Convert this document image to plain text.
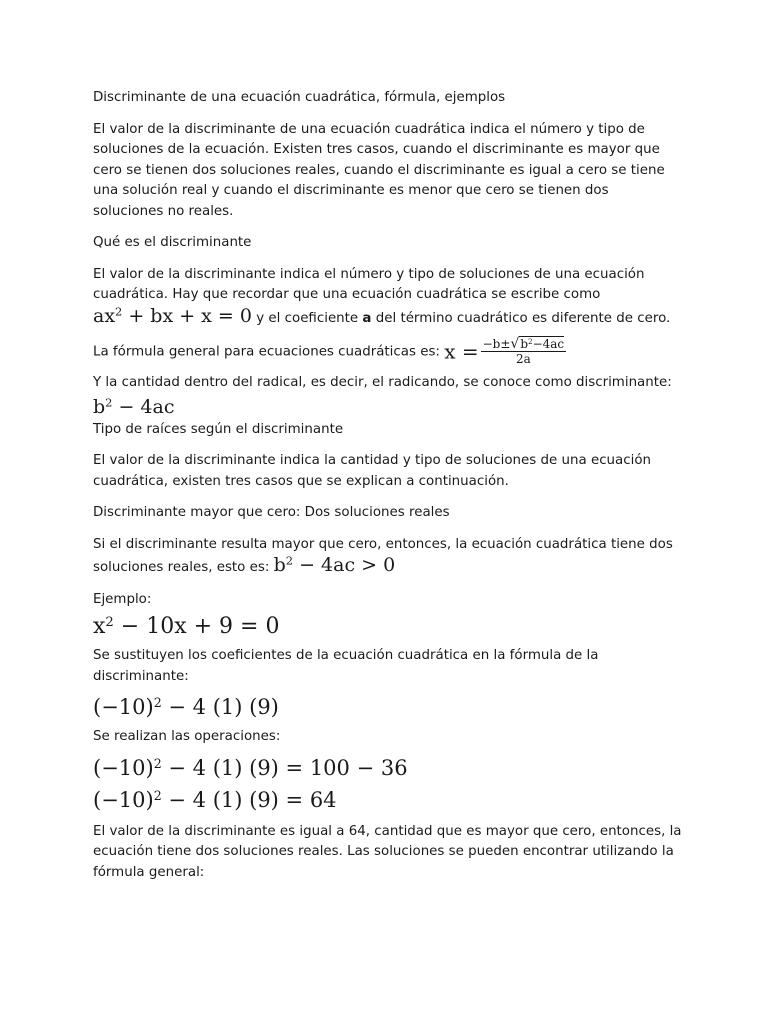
Discriminante de una ecuación cuadrática, fórmula, ejemplos

El valor de la discriminante de una ecuación cuadrática indica el número y tipo de soluciones de la ecuación. Existen tres casos, cuando el discriminante es mayor que cero se tienen dos soluciones reales, cuando el discriminante es igual a cero se tiene una solución real y cuando el discriminante es menor que cero se tienen dos soluciones no reales.

Qué es el discriminante

El valor de la discriminante indica el número y tipo de soluciones de una ecuación cuadrática. Hay que recordar que una ecuación cuadrática se escribe como
$ax^2$ + bx + x = 0 y el coeficiente a del término cuadrático es diferente de cero.

La fórmula general para ecuaciones cuadráticas es: $x = \frac{-b\pm√b^2-4ac}{2a}$

Y la cantidad dentro del radical, es decir, el radicando, se conoce como discriminante:

$b^2 - 4ac$

Tipo de raíces según el discriminante

El valor de la discriminante indica la cantidad y tipo de soluciones de una ecuación cuadrática, existen tres casos que se explican a continuación.

Discriminante mayor que cero: Dos soluciones reales

Si el discriminante resulta mayor que cero, entonces, la ecuación cuadrática tiene dos soluciones reales, esto es: $b^2 - 4ac > 0$

Ejemplo:

$x^2 - 10x + 9 = 0$

Se sustituyen los coeficientes de la ecuación cuadrática en la fórmula de la discriminante:

$(-10)^2 - 4$ (1) (9)

Se realizan las operaciones:

$(-10)^2 - 4$ (1) (9) = 100 − 36

$(-10)^2 - 4$ (1) (9) = 64

El valor de la discriminante es igual a 64, cantidad que es mayor que cero, entonces, la ecuación tiene dos soluciones reales. Las soluciones se pueden encontrar utilizando la fórmula general:
